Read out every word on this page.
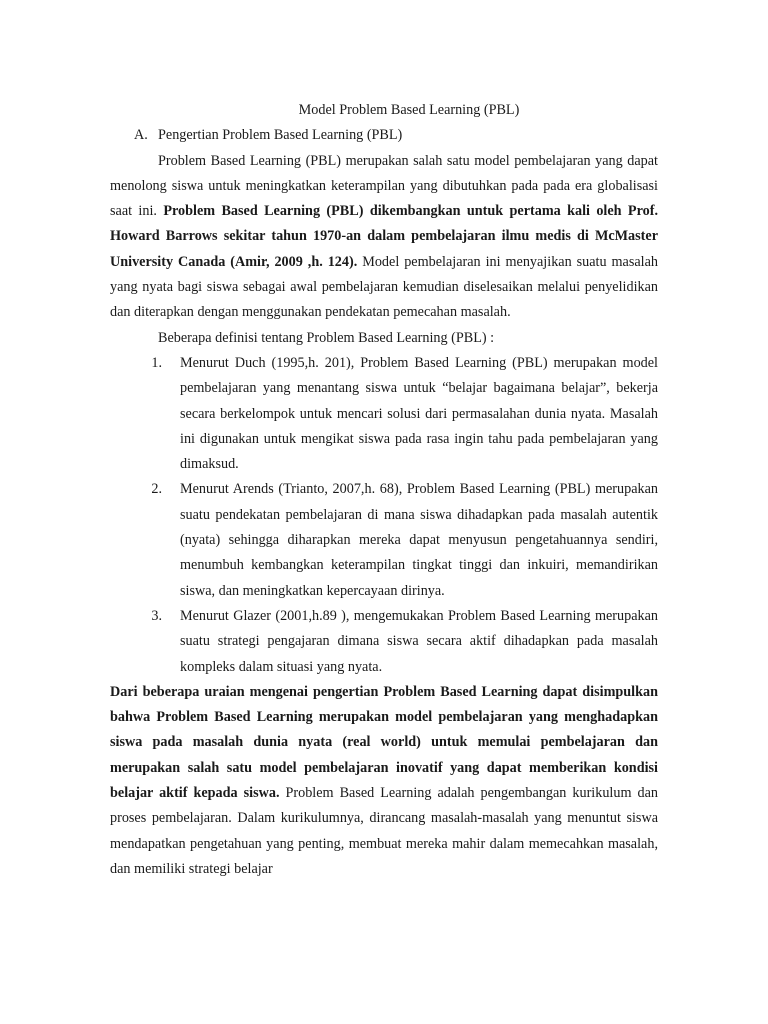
Model Problem Based Learning (PBL)

A. Pengertian Problem Based Learning (PBL)

Problem Based Learning (PBL) merupakan salah satu model pembelajaran yang dapat menolong siswa untuk meningkatkan keterampilan yang dibutuhkan pada pada era globalisasi saat ini. Problem Based Learning (PBL) dikembangkan untuk pertama kali oleh Prof. Howard Barrows sekitar tahun 1970-an dalam pembelajaran ilmu medis di McMaster University Canada (Amir, 2009 ,h. 124). Model pembelajaran ini menyajikan suatu masalah yang nyata bagi siswa sebagai awal pembelajaran kemudian diselesaikan melalui penyelidikan dan diterapkan dengan menggunakan pendekatan pemecahan masalah.

Beberapa definisi tentang Problem Based Learning (PBL) :

1.	Menurut Duch (1995,h. 201), Problem Based Learning (PBL) merupakan model pembelajaran yang menantang siswa untuk “belajar bagaimana belajar”, bekerja secara berkelompok untuk mencari solusi dari permasalahan dunia nyata. Masalah ini digunakan untuk mengikat siswa pada rasa ingin tahu pada pembelajaran yang dimaksud.
2.	Menurut Arends (Trianto, 2007,h. 68), Problem Based Learning (PBL) merupakan suatu pendekatan pembelajaran di mana siswa dihadapkan pada masalah autentik (nyata) sehingga diharapkan mereka dapat menyusun pengetahuannya sendiri, menumbuh kembangkan keterampilan tingkat tinggi dan inkuiri, memandirikan siswa, dan meningkatkan kepercayaan dirinya.
3.	Menurut Glazer (2001,h.89 ), mengemukakan Problem Based Learning merupakan suatu strategi pengajaran dimana siswa secara aktif dihadapkan pada masalah kompleks dalam situasi yang nyata.

Dari beberapa uraian mengenai pengertian Problem Based Learning dapat disimpulkan bahwa Problem Based Learning merupakan model pembelajaran yang menghadapkan siswa pada masalah dunia nyata (real world) untuk memulai pembelajaran dan merupakan salah satu model pembelajaran inovatif yang dapat memberikan kondisi belajar aktif kepada siswa. Problem Based Learning adalah pengembangan kurikulum dan proses pembelajaran. Dalam kurikulumnya, dirancang masalah-masalah yang menuntut siswa mendapatkan pengetahuan yang penting, membuat mereka mahir dalam memecahkan masalah, dan memiliki strategi belajar
